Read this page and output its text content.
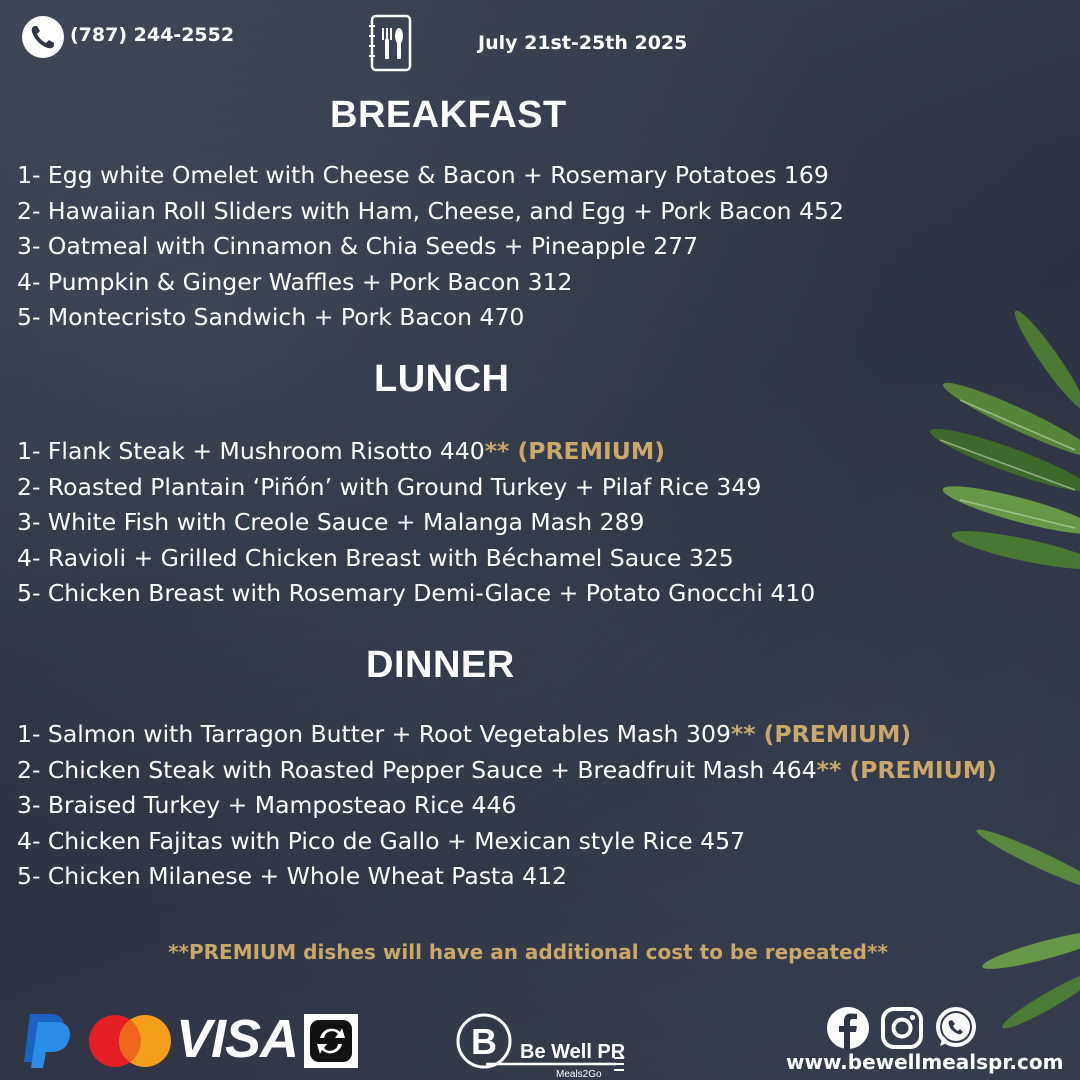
(787) 244-2552	July 21st-25th 2025
BREAKFAST
1- Egg white Omelet with Cheese & Bacon + Rosemary Potatoes 169
2- Hawaiian Roll Sliders with Ham, Cheese, and Egg + Pork Bacon 452
3- Oatmeal with Cinnamon & Chia Seeds + Pineapple 277
4- Pumpkin & Ginger Waffles + Pork Bacon 312
5- Montecristo Sandwich + Pork Bacon 470
LUNCH
1- Flank Steak + Mushroom Risotto 440** (PREMIUM)
2- Roasted Plantain ‘Piñón’ with Ground Turkey + Pilaf Rice 349
3- White Fish with Creole Sauce + Malanga Mash 289
4- Ravioli + Grilled Chicken Breast with Béchamel Sauce 325
5- Chicken Breast with Rosemary Demi-Glace + Potato Gnocchi 410
DINNER
1- Salmon with Tarragon Butter + Root Vegetables Mash 309** (PREMIUM)
2- Chicken Steak with Roasted Pepper Sauce + Breadfruit Mash 464** (PREMIUM)
3- Braised Turkey + Mamposteao Rice 446
4- Chicken Fajitas with Pico de Gallo + Mexican style Rice 457
5- Chicken Milanese + Whole Wheat Pasta 412
**PREMIUM dishes will have an additional cost to be repeated**
VISA	B Be Well PR
Meals2Go
www.bewellmealspr.com
